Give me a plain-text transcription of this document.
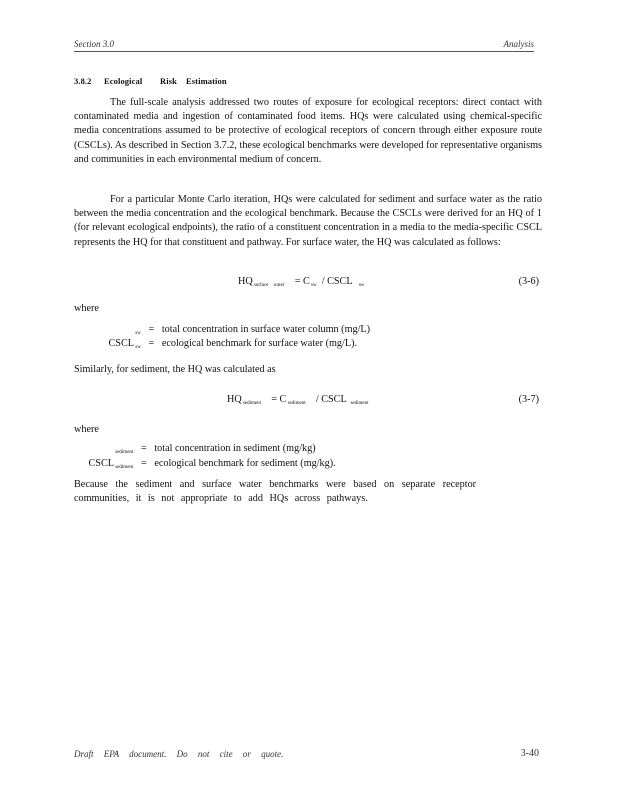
Section 3.0	Analysis
3.8.2 Ecological Risk Estimation

The full-scale analysis addressed two routes of exposure for ecological receptors: direct contact with contaminated media and ingestion of contaminated food items. HQs were calculated using chemical-specific media concentrations assumed to be protective of ecological receptors of concern through either exposure route (CSCLs). As described in Section 3.7.2, these ecological benchmarks were developed for representative organisms and communities in each environmental medium of concern.

For a particular Monte Carlo iteration, HQs were calculated for sediment and surface water as the ratio between the media concentration and the ecological benchmark. Because the CSCLs were derived for an HQ of 1 (for relevant ecological endpoints), the ratio of a constituent concentration in a media to the media-specific CSCL represents the HQ for that constituent and pathway. For surface water, the HQ was calculated as follows:

HQ $_{surface water}$ = C $_{sw}$ / CSCL $_{sw}$	(3-6)
where
$_{sw}$ = total concentration in surface water column (mg/L)
CSCL $_{sw}$ = ecological benchmark for surface water (mg/L).
Similarly, for sediment, the HQ was calculated as
HQ $_{sediment}$ = C $_{sediment}$ / CSCL $_{sediment}$	(3-7)
where
$_{sediment}$ = total concentration in sediment (mg/kg)
CSCL $_{sediment}$ = ecological benchmark for sediment (mg/kg).
Because the sediment and surface water benchmarks were based on separate receptor
communities, it is not appropriate to add HQs across pathways.
Draft EPA document. Do not cite or quote.	3-40
